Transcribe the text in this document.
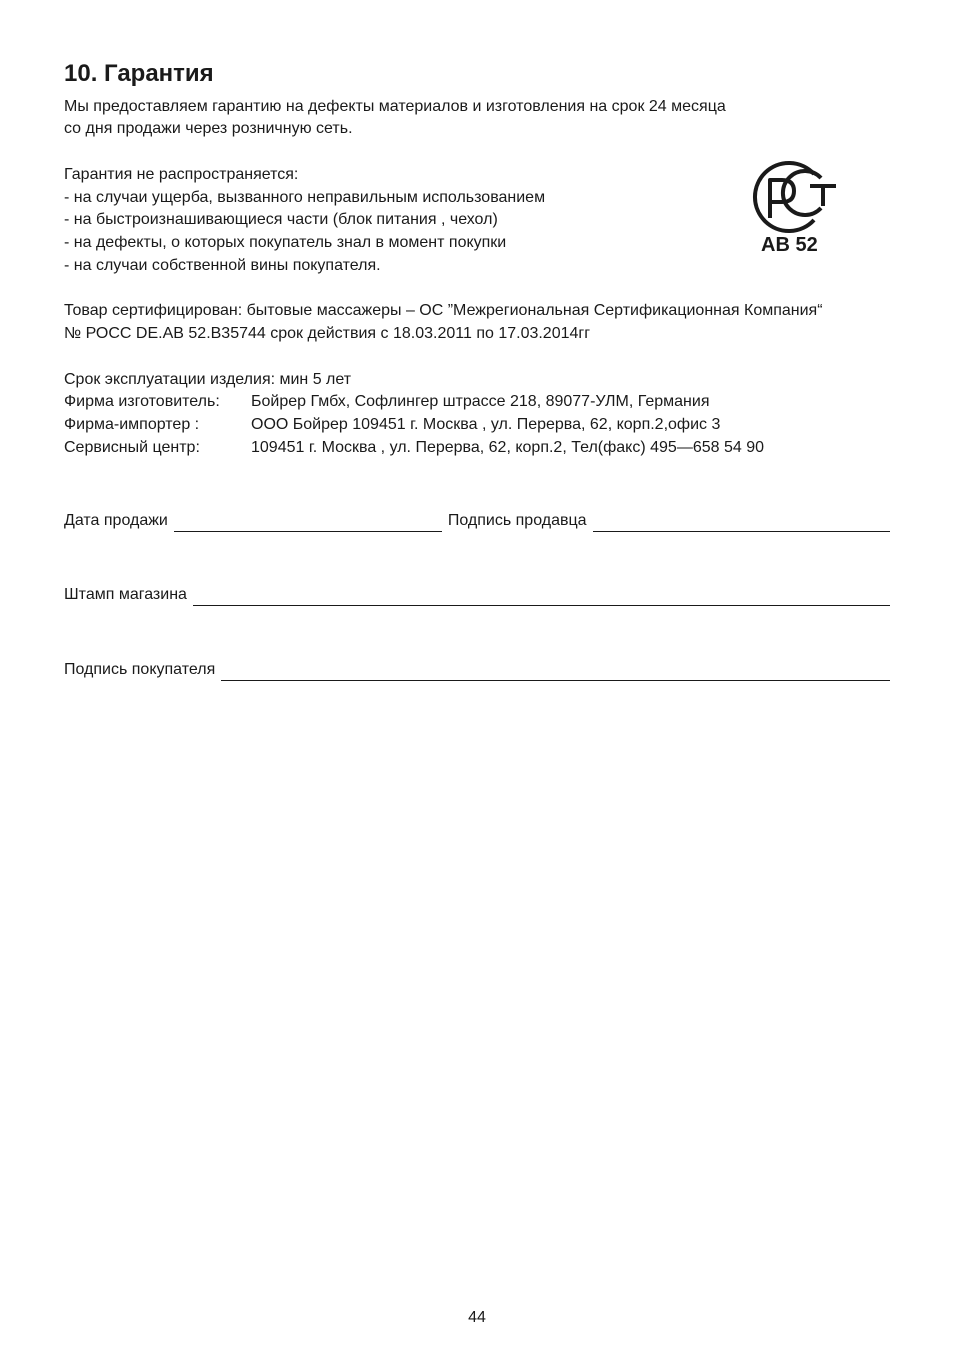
10. Гарантия
Мы предоставляем гарантию на дефекты материалов и изготовления на срок 24 месяца
со дня продажи через розничную сеть.
Гарантия не распространяется:
- на случаи ущерба, вызванного неправильным использованием
- на быстроизнашивающиеся части (блок питания , чехол)
- на дефекты, о которых покупатель знал в момент покупки
- на случаи собственной вины покупателя.
AB 52
Товар сертифицирован: бытовые массажеры – ОС ”Межрегиональная Сертификационная Компания“
№ РОСС DE.АВ 52.В35744 срок действия с 18.03.2011 по 17.03.2014гг
Срок эксплуатации изделия: мин 5 лет
Фирма изготовитель: Бойрер Гмбх, Софлингер штрассе 218, 89077-УЛМ, Германия
Фирма-импортер :	ООО Бойрер 109451 г. Москва , ул. Перерва, 62, корп.2,офис 3
Сервисный центр:	109451 г. Москва , ул. Перерва, 62, корп.2, Тел(факс) 495—658 54 90
Дата продажи	Подпись продавца
Штамп магазина
Подпись покупателя
44
